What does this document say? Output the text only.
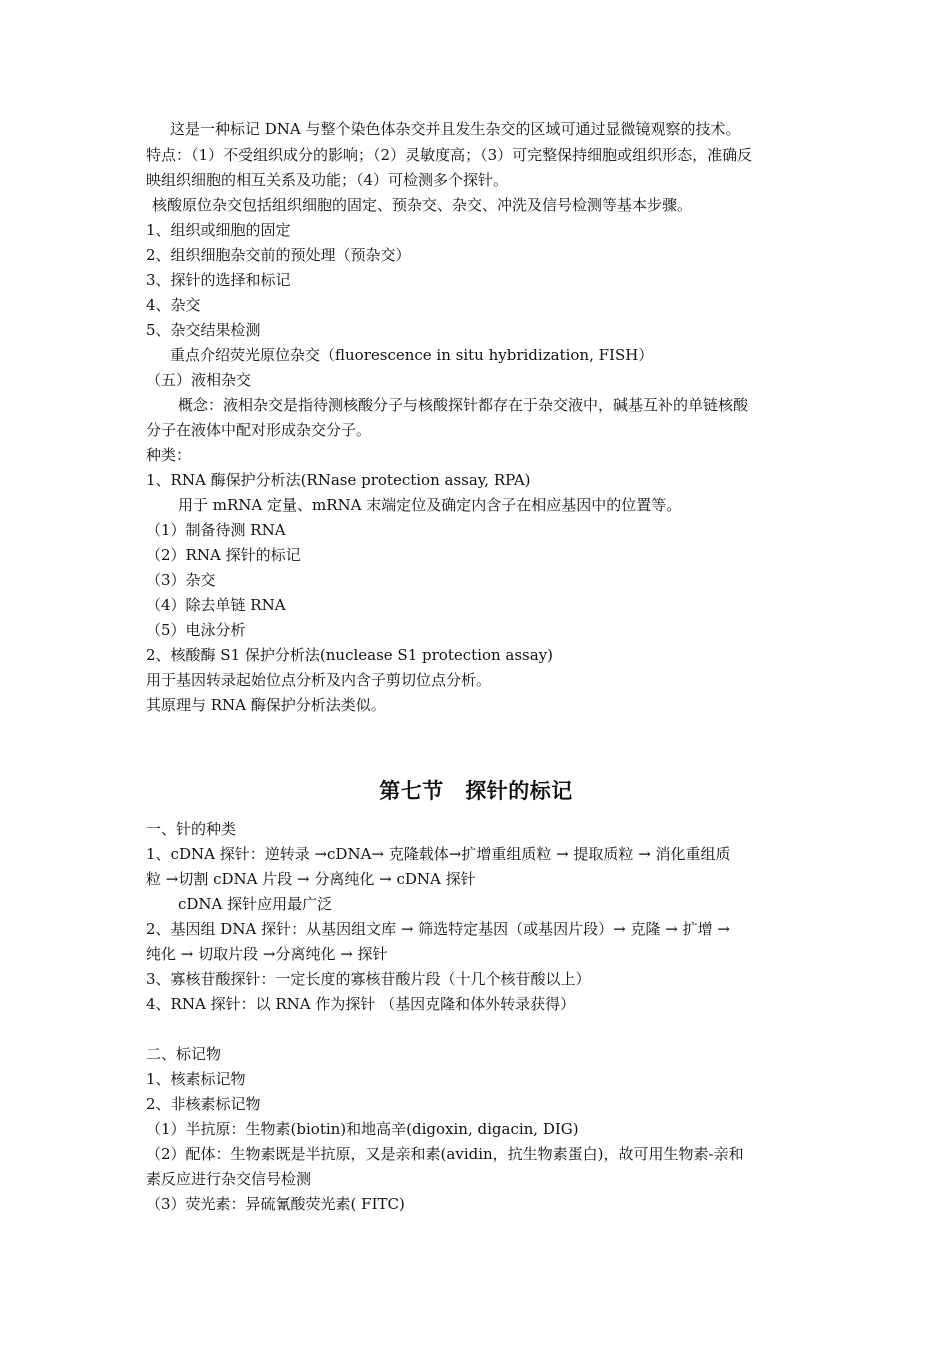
这是一种标记 DNA 与整个染色体杂交并且发生杂交的区域可通过显微镜观察的技术。
特点：（1）不受组织成分的影响；（2）灵敏度高；（3）可完整保持细胞或组织形态，准确反
映组织细胞的相互关系及功能；（4）可检测多个探针。
核酸原位杂交包括组织细胞的固定、预杂交、杂交、冲洗及信号检测等基本步骤。
1、组织或细胞的固定
2、组织细胞杂交前的预处理（预杂交）
3、探针的选择和标记
4、杂交
5、杂交结果检测
重点介绍荧光原位杂交（fluorescence in situ hybridization, FISH）
（五）液相杂交
概念：液相杂交是指待测核酸分子与核酸探针都存在于杂交液中，碱基互补的单链核酸
分子在液体中配对形成杂交分子。
种类：
1、RNA 酶保护分析法(RNase protection assay, RPA)
用于 mRNA 定量、mRNA 末端定位及确定内含子在相应基因中的位置等。
（1）制备待测 RNA
（2）RNA 探针的标记
（3）杂交
（4）除去单链 RNA
（5）电泳分析
2、核酸酶 S1 保护分析法(nuclease S1 protection assay)
用于基因转录起始位点分析及内含子剪切位点分析。
其原理与 RNA 酶保护分析法类似。
第七节　探针的标记
一、针的种类
1、cDNA 探针：逆转录 →cDNA→ 克隆载体→扩增重组质粒 → 提取质粒 → 消化重组质
粒 →切割 cDNA 片段 → 分离纯化 → cDNA 探针
cDNA 探针应用最广泛
2、基因组 DNA 探针：从基因组文库 → 筛选特定基因（或基因片段）→ 克隆 → 扩增 →
纯化 → 切取片段 →分离纯化 → 探针
3、寡核苷酸探针：一定长度的寡核苷酸片段（十几个核苷酸以上）
4、RNA 探针：以 RNA 作为探针 （基因克隆和体外转录获得）
二、标记物
1、核素标记物
2、非核素标记物
（1）半抗原：生物素(biotin)和地高辛(digoxin, digacin, DIG)
（2）配体：生物素既是半抗原，又是亲和素(avidin，抗生物素蛋白)，故可用生物素-亲和
素反应进行杂交信号检测
（3）荧光素：异硫氰酸荧光素( FITC)
